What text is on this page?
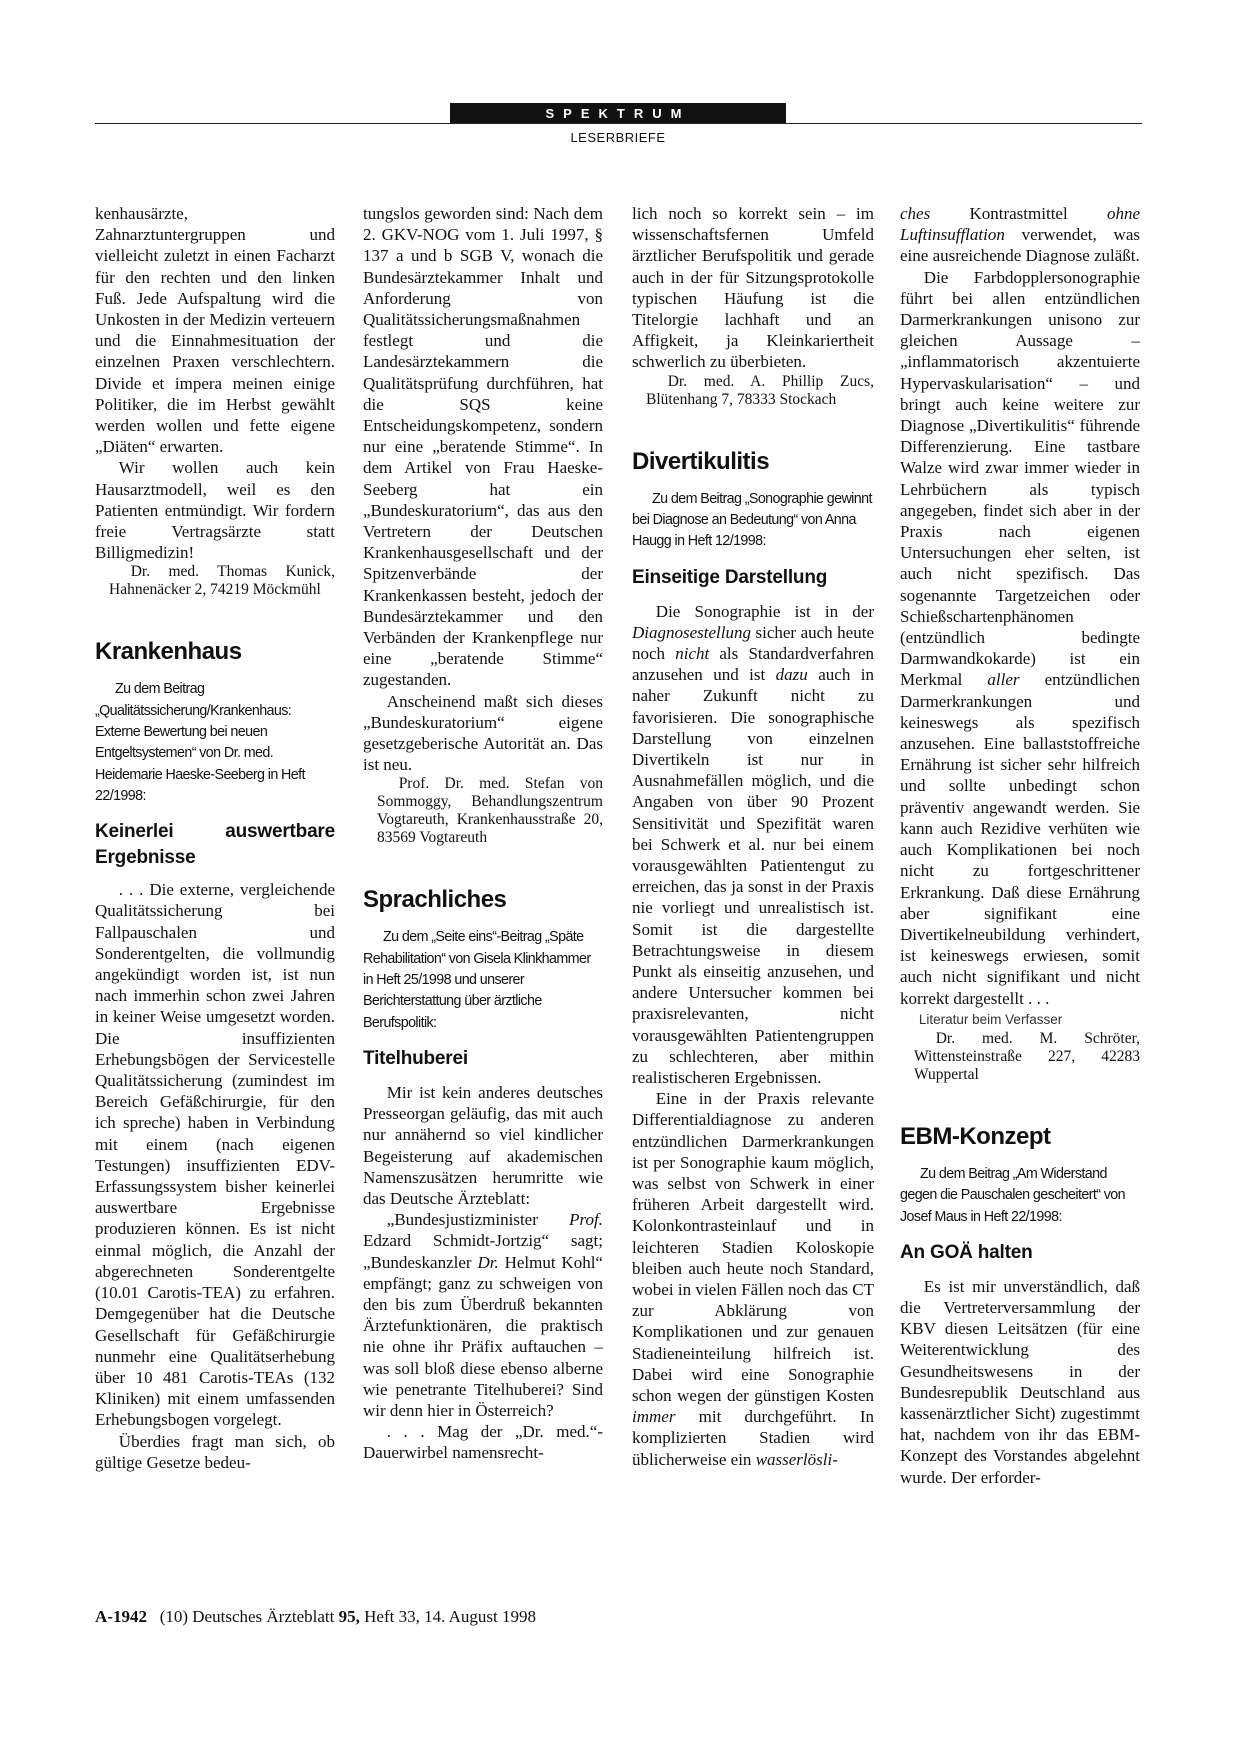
SPEKTRUM
LESERBRIEFE

kenhausärzte, Zahnarztuntergruppen und vielleicht zuletzt in einen Facharzt für den rechten und den linken Fuß. Jede Aufspaltung wird die Unkosten in der Medizin verteuern und die Einnahmesituation der einzelnen Praxen verschlechtern. Divide et impera meinen einige Politiker, die im Herbst gewählt werden wollen und fette eigene „Diäten“ erwarten.

Wir wollen auch kein Hausarztmodell, weil es den Patienten entmündigt. Wir fordern freie Vertragsärzte statt Billigmedizin!

Dr. med. Thomas Kunick, Hahnenäcker 2, 74219 Möckmühl

Krankenhaus

Zu dem Beitrag „Qualitätssicherung/Krankenhaus: Externe Bewertung bei neuen Entgeltsystemen“ von Dr. med. Heidemarie Haeske-Seeberg in Heft 22/1998:

Keinerlei auswertbare Ergebnisse

. . . Die externe, vergleichende Qualitätssicherung bei Fallpauschalen und Sonderentgelten, die vollmundig angekündigt worden ist, ist nun nach immerhin schon zwei Jahren in keiner Weise umgesetzt worden. Die insuffizienten Erhebungsbögen der Servicestelle Qualitätssicherung (zumindest im Bereich Gefäßchirurgie, für den ich spreche) haben in Verbindung mit einem (nach eigenen Testungen) insuffizienten EDV-Erfassungssystem bisher keinerlei auswertbare Ergebnisse produzieren können. Es ist nicht einmal möglich, die Anzahl der abgerechneten Sonderentgelte (10.01 Carotis-TEA) zu erfahren. Demgegenüber hat die Deutsche Gesellschaft für Gefäßchirurgie nunmehr eine Qualitätserhebung über 10 481 Carotis-TEAs (132 Kliniken) mit einem umfassenden Erhebungsbogen vorgelegt.

Überdies fragt man sich, ob gültige Gesetze bedeu-

tungslos geworden sind: Nach dem 2. GKV-NOG vom 1. Juli 1997, § 137 a und b SGB V, wonach die Bundesärztekammer Inhalt und Anforderung von Qualitätssicherungsmaßnahmen festlegt und die Landesärztekammern die Qualitätsprüfung durchführen, hat die SQS keine Entscheidungskompetenz, sondern nur eine „beratende Stimme“. In dem Artikel von Frau Haeske-Seeberg hat ein „Bundeskuratorium“, das aus den Vertretern der Deutschen Krankenhausgesellschaft und der Spitzenverbände der Krankenkassen besteht, jedoch der Bundesärztekammer und den Verbänden der Krankenpflege nur eine „beratende Stimme“ zugestanden.

Anscheinend maßt sich dieses „Bundeskuratorium“ eigene gesetzgeberische Autorität an. Das ist neu.

Prof. Dr. med. Stefan von Sommoggy, Behandlungszentrum Vogtareuth, Krankenhausstraße 20, 83569 Vogtareuth

Sprachliches

Zu dem „Seite eins“-Beitrag „Späte Rehabilitation“ von Gisela Klinkhammer in Heft 25/1998 und unserer Berichterstattung über ärztliche Berufspolitik:

Titelhuberei

Mir ist kein anderes deutsches Presseorgan geläufig, das mit auch nur annähernd so viel kindlicher Begeisterung auf akademischen Namenszusätzen herumritte wie das Deutsche Ärzteblatt:

„Bundesjustizminister Prof. Edzard Schmidt-Jortzig“ sagt; „Bundeskanzler Dr. Helmut Kohl“ empfängt; ganz zu schweigen von den bis zum Überdruß bekannten Ärztefunktionären, die praktisch nie ohne ihr Präfix auftauchen – was soll bloß diese ebenso alberne wie penetrante Titelhuberei? Sind wir denn hier in Österreich?

. . . Mag der „Dr. med.“-Dauerwirbel namensrecht-

lich noch so korrekt sein – im wissenschaftsfernen Umfeld ärztlicher Berufspolitik und gerade auch in der für Sitzungsprotokolle typischen Häufung ist die Titelorgie lachhaft und an Affigkeit, ja Kleinkariertheit schwerlich zu überbieten.

Dr. med. A. Phillip Zucs, Blütenhang 7, 78333 Stockach

Divertikulitis

Zu dem Beitrag „Sonographie gewinnt bei Diagnose an Bedeutung“ von Anna Haugg in Heft 12/1998:

Einseitige Darstellung

Die Sonographie ist in der Diagnosestellung sicher auch heute noch nicht als Standardverfahren anzusehen und ist dazu auch in naher Zukunft nicht zu favorisieren. Die sonographische Darstellung von einzelnen Divertikeln ist nur in Ausnahmefällen möglich, und die Angaben von über 90 Prozent Sensitivität und Spezifität waren bei Schwerk et al. nur bei einem vorausgewählten Patientengut zu erreichen, das ja sonst in der Praxis nie vorliegt und unrealistisch ist. Somit ist die dargestellte Betrachtungsweise in diesem Punkt als einseitig anzusehen, und andere Untersucher kommen bei praxisrelevanten, nicht vorausgewählten Patientengruppen zu schlechteren, aber mithin realistischeren Ergebnissen.

Eine in der Praxis relevante Differentialdiagnose zu anderen entzündlichen Darmerkrankungen ist per Sonographie kaum möglich, was selbst von Schwerk in einer früheren Arbeit dargestellt wird. Kolonkontrasteinlauf und in leichteren Stadien Koloskopie bleiben auch heute noch Standard, wobei in vielen Fällen noch das CT zur Abklärung von Komplikationen und zur genauen Stadieneinteilung hilfreich ist. Dabei wird eine Sonographie schon wegen der günstigen Kosten immer mit durchgeführt. In komplizierten Stadien wird üblicherweise ein wasserlösli-

ches Kontrastmittel ohne Luftinsufflation verwendet, was eine ausreichende Diagnose zuläßt.

Die Farbdopplersonographie führt bei allen entzündlichen Darmerkrankungen unisono zur gleichen Aussage – „inflammatorisch akzentuierte Hypervaskularisation“ – und bringt auch keine weitere zur Diagnose „Divertikulitis“ führende Differenzierung. Eine tastbare Walze wird zwar immer wieder in Lehrbüchern als typisch angegeben, findet sich aber in der Praxis nach eigenen Untersuchungen eher selten, ist auch nicht spezifisch. Das sogenannte Targetzeichen oder Schießschartenphänomen (entzündlich bedingte Darmwandkokarde) ist ein Merkmal aller entzündlichen Darmerkrankungen und keineswegs als spezifisch anzusehen. Eine ballaststoffreiche Ernährung ist sicher sehr hilfreich und sollte unbedingt schon präventiv angewandt werden. Sie kann auch Rezidive verhüten wie auch Komplikationen bei noch nicht zu fortgeschrittener Erkrankung. Daß diese Ernährung aber signifikant eine Divertikelneubildung verhindert, ist keineswegs erwiesen, somit auch nicht signifikant und nicht korrekt dargestellt . . .

Literatur beim Verfasser

Dr. med. M. Schröter, Wittensteinstraße 227, 42283 Wuppertal

EBM-Konzept

Zu dem Beitrag „Am Widerstand gegen die Pauschalen gescheitert“ von Josef Maus in Heft 22/1998:

An GOÄ halten

Es ist mir unverständlich, daß die Vertreterversammlung der KBV diesen Leitsätzen (für eine Weiterentwicklung des Gesundheitswesens in der Bundesrepublik Deutschland aus kassenärztlicher Sicht) zugestimmt hat, nachdem von ihr das EBM-Konzept des Vorstandes abgelehnt wurde. Der erforder-

A-1942 (10) Deutsches Ärzteblatt 95, Heft 33, 14. August 1998
